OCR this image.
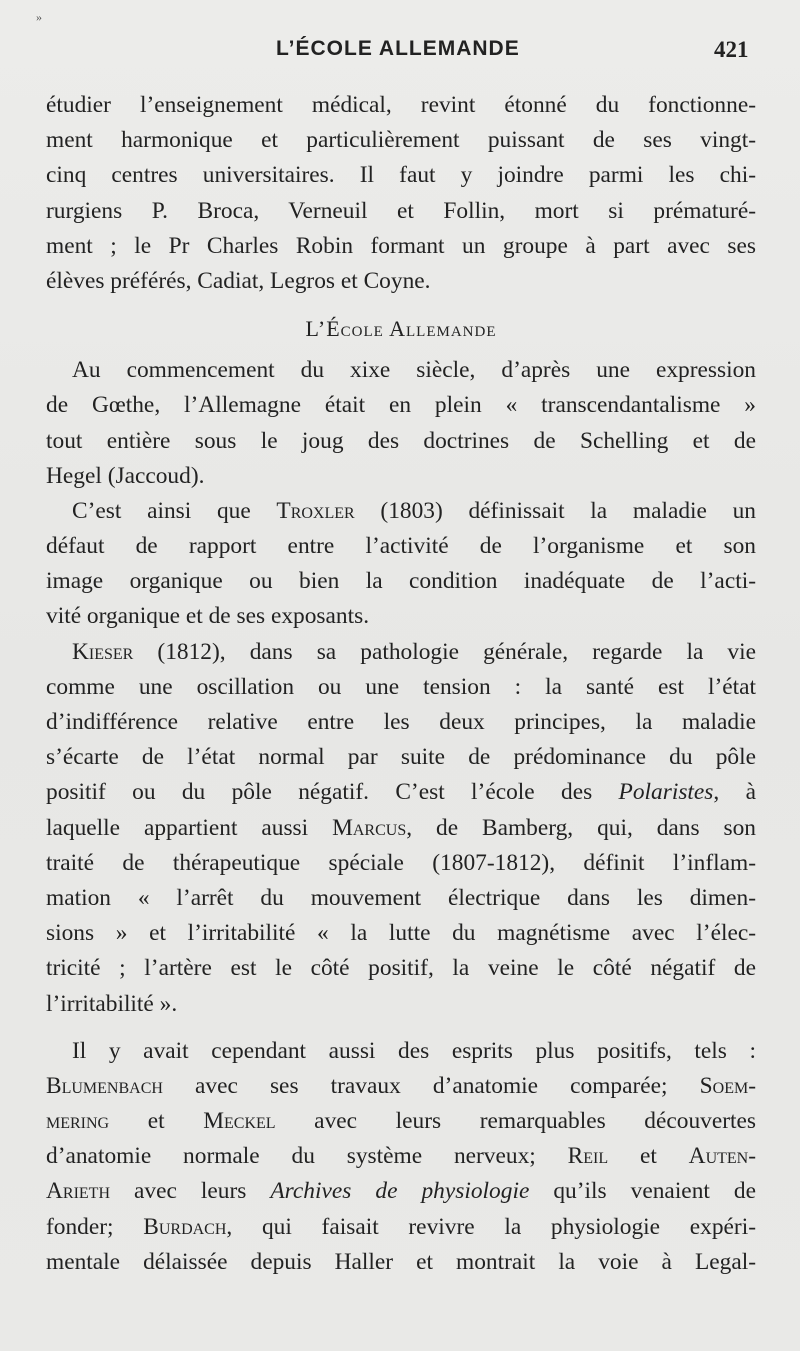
»
L’ÉCOLE ALLEMANDE	421
étudier l’enseignement médical, revint étonné du fonctionne-
ment harmonique et particulièrement puissant de ses vingt-
cinq centres universitaires. Il faut y joindre parmi les chi-
rurgiens P. Broca, Verneuil et Follin, mort si prématuré-
ment ; le Pr Charles Robin formant un groupe à part avec ses
élèves préférés, Cadiat, Legros et Coyne.
L’École Allemande
Au commencement du xixe siècle, d’après une expression
de Gœthe, l’Allemagne était en plein « transcendantalisme »
tout entière sous le joug des doctrines de Schelling et de
Hegel (Jaccoud).
C’est ainsi que Troxler (1803) définissait la maladie un
défaut de rapport entre l’activité de l’organisme et son
image organique ou bien la condition inadéquate de l’acti-
vité organique et de ses exposants.
Kieser (1812), dans sa pathologie générale, regarde la vie
comme une oscillation ou une tension : la santé est l’état
d’indifférence relative entre les deux principes, la maladie
s’écarte de l’état normal par suite de prédominance du pôle
positif ou du pôle négatif. C’est l’école des Polaristes, à
laquelle appartient aussi Marcus, de Bamberg, qui, dans son
traité de thérapeutique spéciale (1807-1812), définit l’inflam-
mation « l’arrêt du mouvement électrique dans les dimen-
sions » et l’irritabilité « la lutte du magnétisme avec l’élec-
tricité ; l’artère est le côté positif, la veine le côté négatif de
l’irritabilité ».
Il y avait cependant aussi des esprits plus positifs, tels :
Blumenbach avec ses travaux d’anatomie comparée; Soem-
mering et Meckel avec leurs remarquables découvertes
d’anatomie normale du système nerveux; Reil et Auten-
Arieth avec leurs Archives de physiologie qu’ils venaient de
fonder; Burdach, qui faisait revivre la physiologie expéri-
mentale délaissée depuis Haller et montrait la voie à Legal-
